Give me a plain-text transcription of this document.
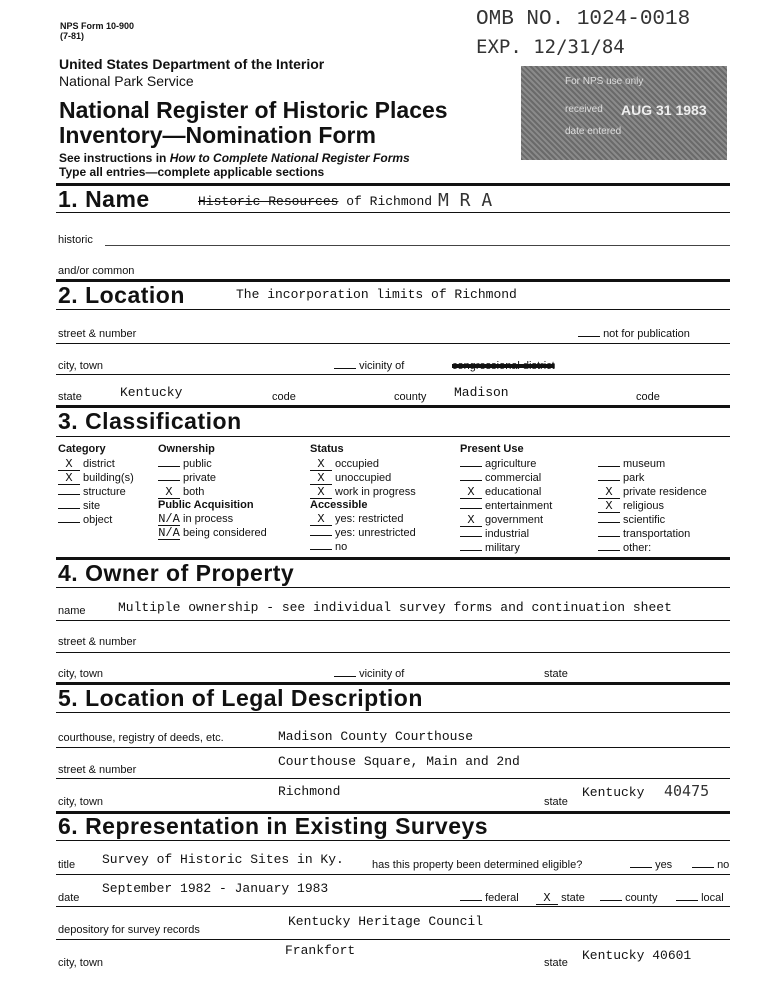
NPS Form 10-900
(7-81)
OMB NO. 1024-0018
EXP. 12/31/84
United States Department of the Interior
National Park Service
National Register of Historic Places
Inventory—Nomination Form
See instructions in How to Complete National Register Forms
Type all entries—complete applicable sections
For NPS use only
received AUG 31 1983
date entered
1. Name	Historic Resources of Richmond M R A
historic
and/or common
2. Location	The incorporation limits of Richmond
street & number	not for publication
city, town	vicinity of	congressional district
state	Kentucky	code	county Madison	code
3. Classification
Category
X district
X building(s)
structure
site
object
Ownership
public
private
X both
Public Acquisition
N/A in process
N/A being considered
Status
X occupied
X unoccupied
X work in progress
Accessible
X yes: restricted
yes: unrestricted
no
Present Use
agriculture
commercial
X educational
entertainment
X government
industrial
military
museum
park
X private residence
X religious
scientific
transportation
other:
4. Owner of Property
name Multiple ownership - see individual survey forms and continuation sheet
street & number
city, town	vicinity of	state
5. Location of Legal Description
courthouse, registry of deeds, etc.	Madison County Courthouse
street & number
Courthouse Square, Main and 2nd
city, town
Richmond
state
Kentucky 40475
6. Representation in Existing Surveys
title Survey of Historic Sites in Ky.	has this property been determined eligible?	yes	no
date
September 1982 - January 1983
federal	X state	county	local
depository for survey records
Kentucky Heritage Council
city, town
Frankfort
state Kentucky 40601
